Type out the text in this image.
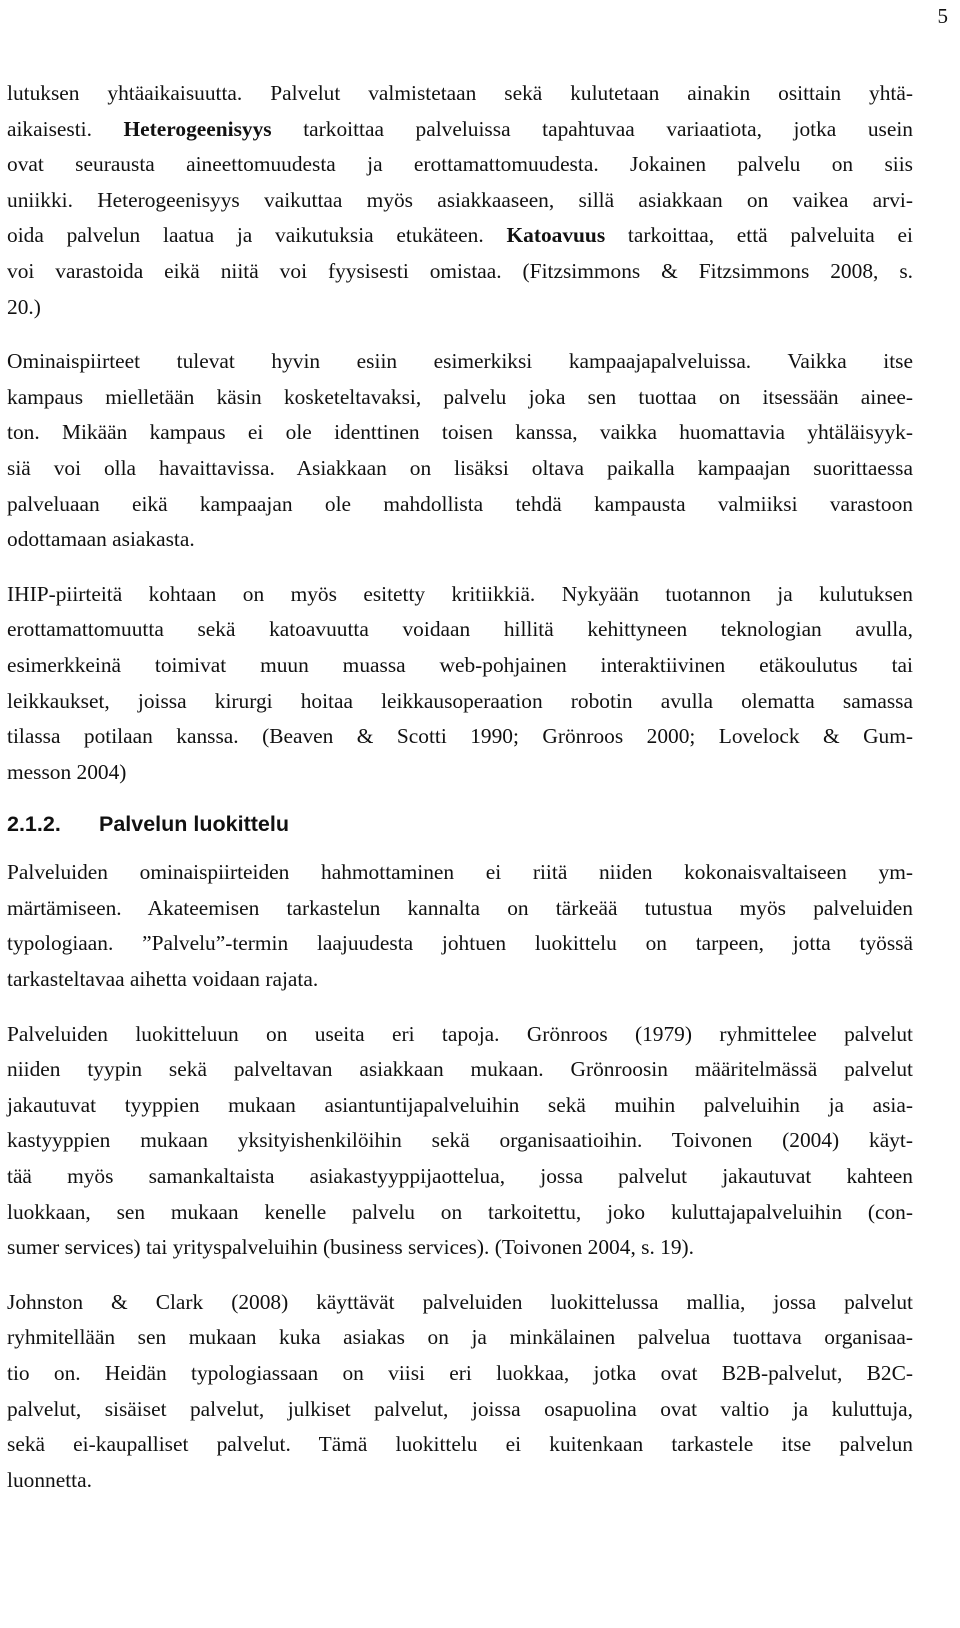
5

lutuksen yhtäaikaisuutta. Palvelut valmistetaan sekä kulutetaan ainakin osittain yhtä-
aikaisesti. Heterogeenisyys tarkoittaa palveluissa tapahtuvaa variaatiota, jotka usein
ovat seurausta aineettomuudesta ja erottamattomuudesta. Jokainen palvelu on siis
uniikki. Heterogeenisyys vaikuttaa myös asiakkaaseen, sillä asiakkaan on vaikea arvi-
oida palvelun laatua ja vaikutuksia etukäteen. Katoavuus tarkoittaa, että palveluita ei
voi varastoida eikä niitä voi fyysisesti omistaa. (Fitzsimmons & Fitzsimmons 2008, s.
20.)

Ominaispiirteet tulevat hyvin esiin esimerkiksi kampaajapalveluissa. Vaikka itse
kampaus mielletään käsin kosketeltavaksi, palvelu joka sen tuottaa on itsessään ainee-
ton. Mikään kampaus ei ole identtinen toisen kanssa, vaikka huomattavia yhtäläisyyk-
siä voi olla havaittavissa. Asiakkaan on lisäksi oltava paikalla kampaajan suorittaessa
palveluaan eikä kampaajan ole mahdollista tehdä kampausta valmiiksi varastoon
odottamaan asiakasta.

IHIP-piirteitä kohtaan on myös esitetty kritiikkiä. Nykyään tuotannon ja kulutuksen
erottamattomuutta sekä katoavuutta voidaan hillitä kehittyneen teknologian avulla,
esimerkkeinä toimivat muun muassa web-pohjainen interaktiivinen etäkoulutus tai
leikkaukset, joissa kirurgi hoitaa leikkausoperaation robotin avulla olematta samassa
tilassa potilaan kanssa. (Beaven & Scotti 1990; Grönroos 2000; Lovelock & Gum-
messon 2004)

2.1.2. Palvelun luokittelu

Palveluiden ominaispiirteiden hahmottaminen ei riitä niiden kokonaisvaltaiseen ym-
märtämiseen. Akateemisen tarkastelun kannalta on tärkeää tutustua myös palveluiden
typologiaan. ”Palvelu”-termin laajuudesta johtuen luokittelu on tarpeen, jotta työssä
tarkasteltavaa aihetta voidaan rajata.

Palveluiden luokitteluun on useita eri tapoja. Grönroos (1979) ryhmittelee palvelut
niiden tyypin sekä palveltavan asiakkaan mukaan. Grönroosin määritelmässä palvelut
jakautuvat tyyppien mukaan asiantuntijapalveluihin sekä muihin palveluihin ja asia-
kastyyppien mukaan yksityishenkilöihin sekä organisaatioihin. Toivonen (2004) käyt-
tää myös samankaltaista asiakastyyppijaottelua, jossa palvelut jakautuvat kahteen
luokkaan, sen mukaan kenelle palvelu on tarkoitettu, joko kuluttajapalveluihin (con-
sumer services) tai yrityspalveluihin (business services). (Toivonen 2004, s. 19).

Johnston & Clark (2008) käyttävät palveluiden luokittelussa mallia, jossa palvelut
ryhmitellään sen mukaan kuka asiakas on ja minkälainen palvelua tuottava organisaa-
tio on. Heidän typologiassaan on viisi eri luokkaa, jotka ovat B2B-palvelut, B2C-
palvelut, sisäiset palvelut, julkiset palvelut, joissa osapuolina ovat valtio ja kuluttuja,
sekä ei-kaupalliset palvelut. Tämä luokittelu ei kuitenkaan tarkastele itse palvelun
luonnetta.
